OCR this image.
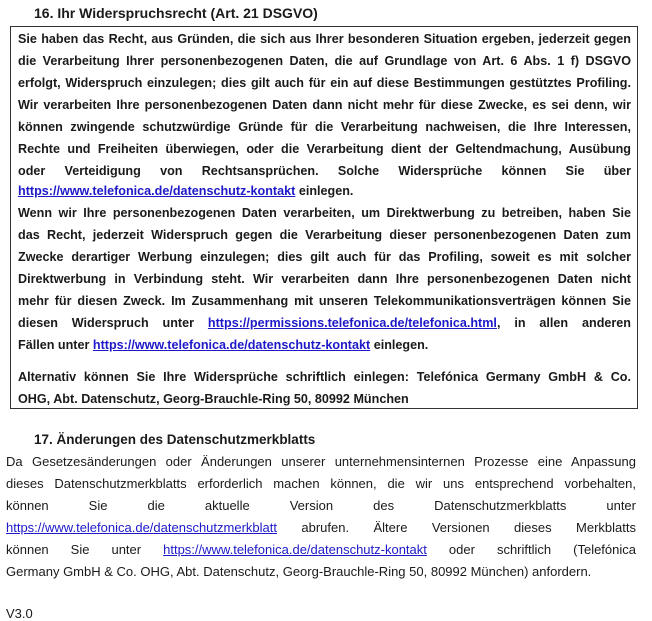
16. Ihr Widerspruchsrecht (Art. 21 DSGVO)
Sie haben das Recht, aus Gründen, die sich aus Ihrer besonderen Situation ergeben, jederzeit gegen
die Verarbeitung Ihrer personenbezogenen Daten, die auf Grundlage von Art. 6 Abs. 1 f) DSGVO
erfolgt, Widerspruch einzulegen; dies gilt auch für ein auf diese Bestimmungen gestütztes Profiling.
Wir verarbeiten Ihre personenbezogenen Daten dann nicht mehr für diese Zwecke, es sei denn, wir
können zwingende schutzwürdige Gründe für die Verarbeitung nachweisen, die Ihre Interessen,
Rechte und Freiheiten überwiegen, oder die Verarbeitung dient der Geltendmachung, Ausübung
oder Verteidigung von Rechtsansprüchen. Solche Widersprüche können Sie über
https://www.telefonica.de/datenschutz-kontakt einlegen.
Wenn wir Ihre personenbezogenen Daten verarbeiten, um Direktwerbung zu betreiben, haben Sie
das Recht, jederzeit Widerspruch gegen die Verarbeitung dieser personenbezogenen Daten zum
Zwecke derartiger Werbung einzulegen; dies gilt auch für das Profiling, soweit es mit solcher
Direktwerbung in Verbindung steht. Wir verarbeiten dann Ihre personenbezogenen Daten nicht
mehr für diesen Zweck. Im Zusammenhang mit unseren Telekommunikationsverträgen können Sie
diesen Widerspruch unter https://permissions.telefonica.de/telefonica.html, in allen anderen
Fällen unter https://www.telefonica.de/datenschutz-kontakt einlegen.
Alternativ können Sie Ihre Widersprüche schriftlich einlegen: Telefónica Germany GmbH & Co.
OHG, Abt. Datenschutz, Georg-Brauchle-Ring 50, 80992 München
17. Änderungen des Datenschutzmerkblatts
Da Gesetzesänderungen oder Änderungen unserer unternehmensinternen Prozesse eine Anpassung
dieses Datenschutzmerkblatts erforderlich machen können, die wir uns entsprechend vorbehalten,
können Sie die aktuelle Version des Datenschutzmerkblatts unter
https://www.telefonica.de/datenschutzmerkblatt abrufen. Ältere Versionen dieses Merkblatts
können Sie unter https://www.telefonica.de/datenschutz-kontakt oder schriftlich (Telefónica
Germany GmbH & Co. OHG, Abt. Datenschutz, Georg-Brauchle-Ring 50, 80992 München) anfordern.
V3.0
